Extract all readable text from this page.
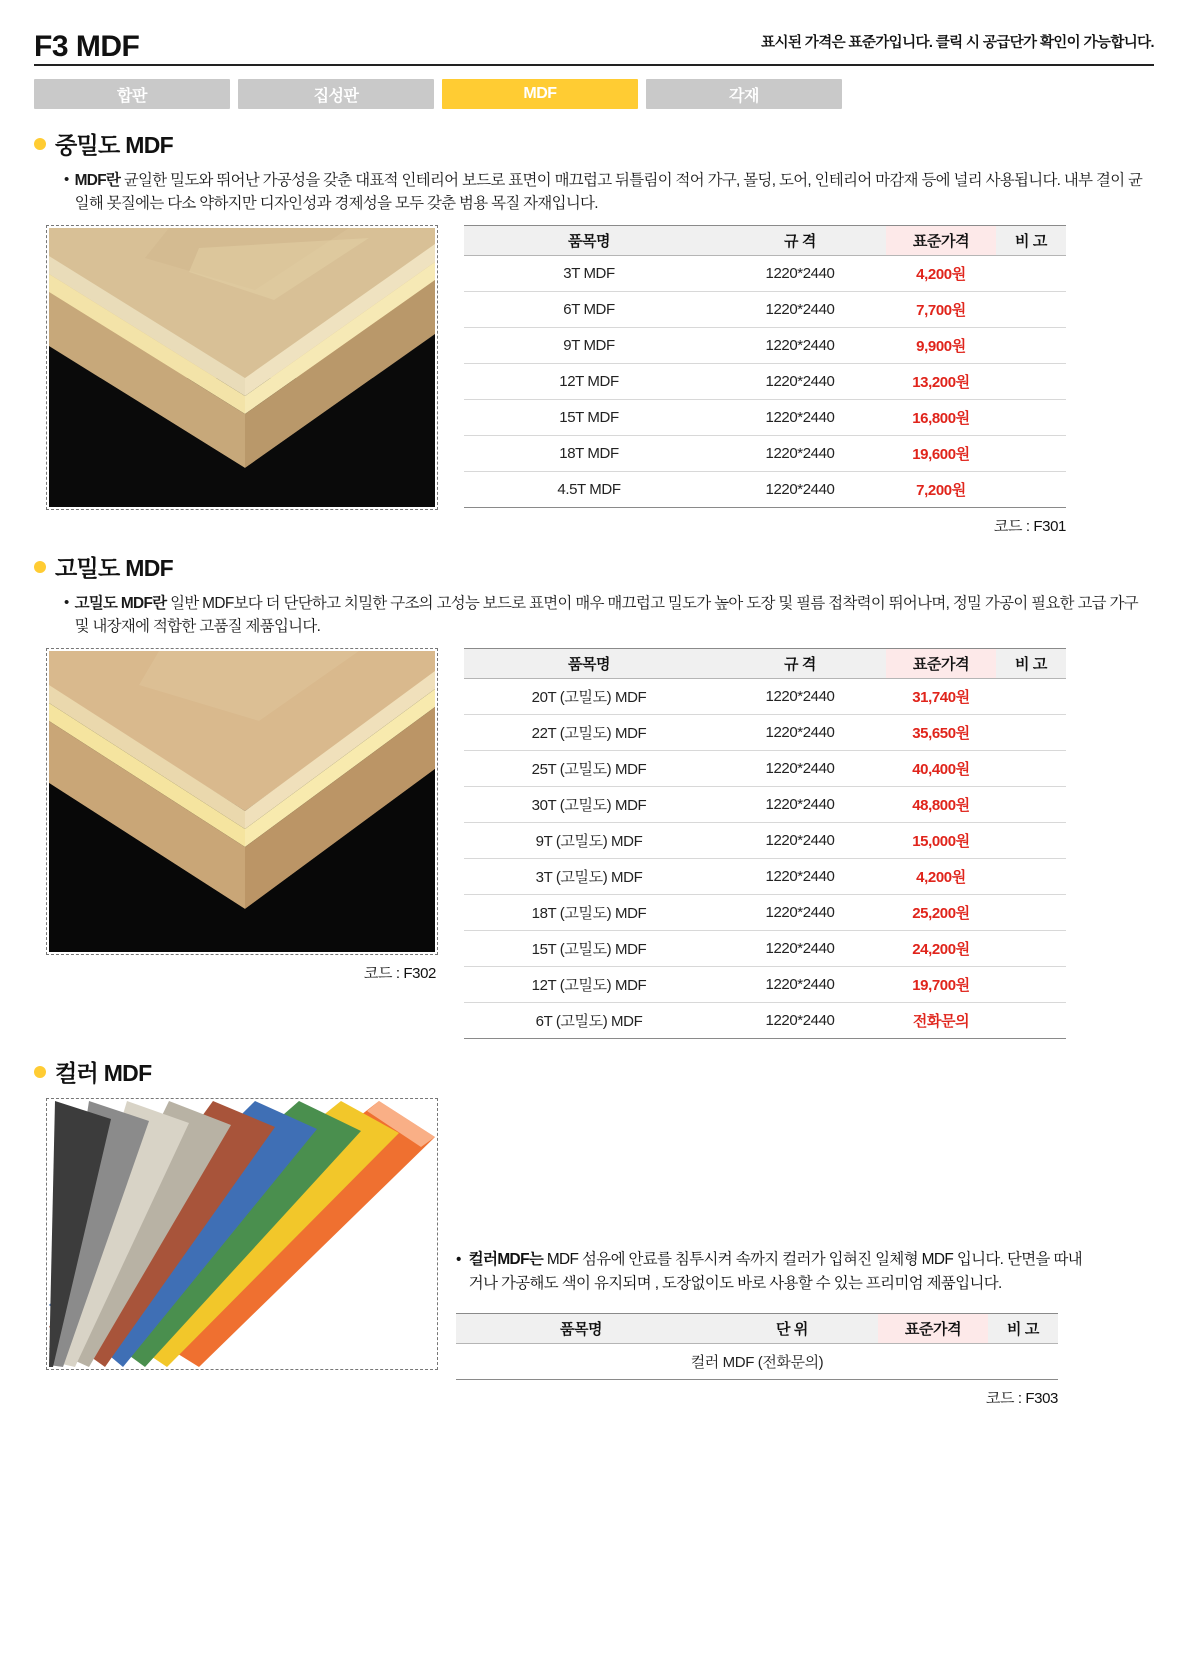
F3 MDF	표시된 가격은 표준가입니다. 클릭 시 공급단가 확인이 가능합니다.
합판	집성판	MDF	각재
중밀도 MDF
• MDF란 균일한 밀도와 뛰어난 가공성을 갖춘 대표적 인테리어 보드로 표면이 매끄럽고 뒤틀림이 적어 가구, 몰딩, 도어, 인테리어 마감재 등에 널리 사용됩니다. 내부 결이 균일해 못질에는 다소 약하지만 디자인성과 경제성을 모두 갖춘 범용 목질 자재입니다.
품목명	규 격	표준가격	비 고
3T MDF	1220*2440	4,200원	
6T MDF	1220*2440	7,700원	
9T MDF	1220*2440	9,900원	
12T MDF	1220*2440	13,200원	
15T MDF	1220*2440	16,800원	
18T MDF	1220*2440	19,600원	
4.5T MDF	1220*2440	7,200원	
코드 : F301
고밀도 MDF
• 고밀도 MDF란 일반 MDF보다 더 단단하고 치밀한 구조의 고성능 보드로 표면이 매우 매끄럽고 밀도가 높아 도장 및 필름 접착력이 뛰어나며, 정밀 가공이 필요한 고급 가구 및 내장재에 적합한 고품질 제품입니다.
코드 : F302
품목명	규 격	표준가격	비 고
20T (고밀도) MDF	1220*2440	31,740원	
22T (고밀도) MDF	1220*2440	35,650원	
25T (고밀도) MDF	1220*2440	40,400원	
30T (고밀도) MDF	1220*2440	48,800원	
9T (고밀도) MDF	1220*2440	15,000원	
3T (고밀도) MDF	1220*2440	4,200원	
18T (고밀도) MDF	1220*2440	25,200원	
15T (고밀도) MDF	1220*2440	24,200원	
12T (고밀도) MDF	1220*2440	19,700원	
6T (고밀도) MDF	1220*2440	전화문의	
컬러 MDF
• 컬러MDF는 MDF 섬유에 안료를 침투시켜 속까지 컬러가 입혀진 일체형 MDF 입니다. 단면을 따내거나 가공해도 색이 유지되며 , 도장없이도 바로 사용할 수 있는 프리미엄 제품입니다.
품목명	단 위	표준가격	비 고
컬러 MDF (전화문의)
코드 : F303
